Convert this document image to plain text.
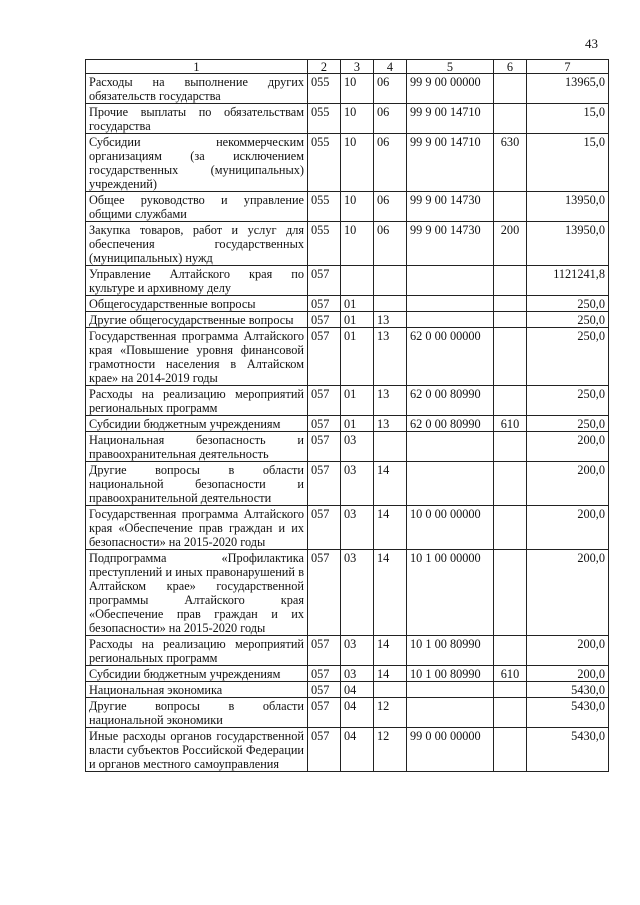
43
1	2	3	4	5	6	7
Расходы на выполнение других обязательств государства	055	10	06	99 9 00 00000		13965,0
Прочие выплаты по обязательствам государства	055	10	06	99 9 00 14710		15,0
Субсидии некоммерческим организациям (за исключением государственных (муниципальных) учреждений)	055	10	06	99 9 00 14710	630	15,0
Общее руководство и управление общими службами	055	10	06	99 9 00 14730		13950,0
Закупка товаров, работ и услуг для обеспечения государственных (муниципальных) нужд	055	10	06	99 9 00 14730	200	13950,0
Управление Алтайского края по культуре и архивному делу	057					1121241,8
Общегосударственные вопросы	057	01				250,0
Другие общегосударственные вопросы	057	01	13			250,0
Государственная программа Алтайского края «Повышение уровня финансовой грамотности населения в Алтайском крае» на 2014-2019 годы	057	01	13	62 0 00 00000		250,0
Расходы на реализацию мероприятий региональных программ	057	01	13	62 0 00 80990		250,0
Субсидии бюджетным учреждениям	057	01	13	62 0 00 80990	610	250,0
Национальная безопасность и правоохранительная деятельность	057	03				200,0
Другие вопросы в области национальной безопасности и правоохранительной деятельности	057	03	14			200,0
Государственная программа Алтайского края «Обеспечение прав граждан и их безопасности» на 2015-2020 годы	057	03	14	10 0 00 00000		200,0
Подпрограмма «Профилактика преступлений и иных правонарушений в Алтайском крае» государственной программы Алтайского края «Обеспечение прав граждан и их безопасности» на 2015-2020 годы	057	03	14	10 1 00 00000		200,0
Расходы на реализацию мероприятий региональных программ	057	03	14	10 1 00 80990		200,0
Субсидии бюджетным учреждениям	057	03	14	10 1 00 80990	610	200,0
Национальная экономика	057	04				5430,0
Другие вопросы в области национальной экономики	057	04	12			5430,0
Иные расходы органов государственной власти субъектов Российской Федерации и органов местного самоуправления	057	04	12	99 0 00 00000		5430,0
